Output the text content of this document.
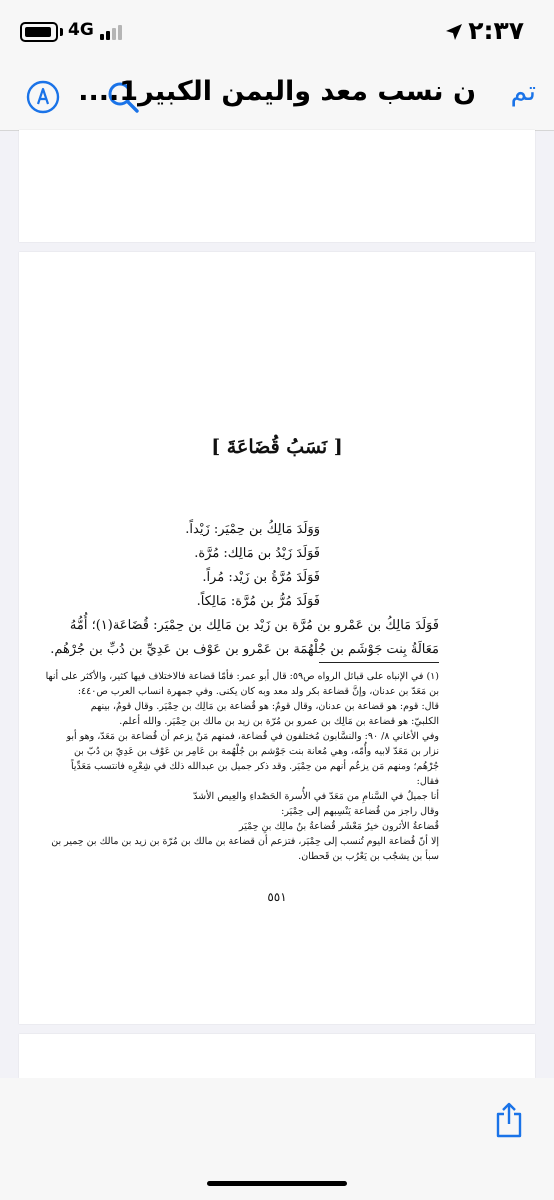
4G	٢:٣٧
ن نسب معد واليمن الكبير1.... تم
[ نَسَبُ قُضَاعَةَ ]
وَوَلَدَ مَالِكُ بن حِمْيَر: زَيْداً.
فَوَلَدَ زَيْدُ بن مَالِك: مُرَّة.
فَوَلَدَ مُرَّةُ بن زَيْد: مُراً.
فَوَلَدَ مُرُّ بن مُرَّة: مَالِكاً.
فَوَلَدَ مَالِكُ بن عَمْرو بن مُرَّة بن زَيْد بن مَالِك بن حِمْيَر: قُضَاعَة(١)؛ أُمُّهُ
مَعَالَةُ بِنت جَوْشَم بن جُلْهُمَة بن عَمْرو بن عَوْف بن عَدِيِّ بن دُبِّ بن جُرْهُم.
(١) في الإنباه على قبائل الرواه ص٥٩: قال أبو عمر: فأمّا قضاعة فالاختلاف فيها كثير، والأكثر على أنها
بن مَعَدّ بن عدنان، وإنَّ قضاعة بكر ولد معد وبه كان يكنى. وفي جمهرة انساب العرب ص٤٤٠:
قال: قوم: هو قضاعة بن عدنان، وقال قومٌ: هو قُضاعة بن مَالِك بن حِمْيَر. وقال قومٌ، بينهم
الكلبيّ: هو قضاعة بن مَالِك بن عمرو بن مُرّة بن زيد بن مالك بن حِمْيَر. والله أعلم.
وفي الأغاني ٨/ ٩٠: والنسَّابون مُختلفون في قُضاعة، فمنهم مَنْ يزعم أن قُضاعة بن مَعَدّ، وهو أبو
نزار بن مَعَدّ لابيه وأُمّه، وهي مُعانة بنت جَوْشم بن جُلْهُمة بن عَامِر بن عَوْف بن عَدِيّ بن دُبّ بن
جُرْهُم؛ ومنهم مَن يزعُم أنهم من حِمْيَر. وقد ذكر جميل بن عبدالله ذلك في شِعْرِه فانتسب مَعَدِّياً
فقال:
أنا جميلٌ في السَّنامِ من مَعَدّ في الأُسرة الحَصْداءِ والعِيص الأشدّ
وقال راجز من قُضاعة يَنْسِبهم إلى حِمْيَر:
قُضاعةُ الأثرون خيرُ مَعْشَر قُضاعةُ بنُ مالِك بنِ حِمْيَر
إلا أنّ قُضاعة اليوم تُنسب إلى حِمْيَر، فتزعم أن قضاعة بن مالك بن مُرّة بن زيد بن مالك بن حِمير بن
سبأ بن يشجُب بن يَعْرُب بن قَحطان.
٥٥١
